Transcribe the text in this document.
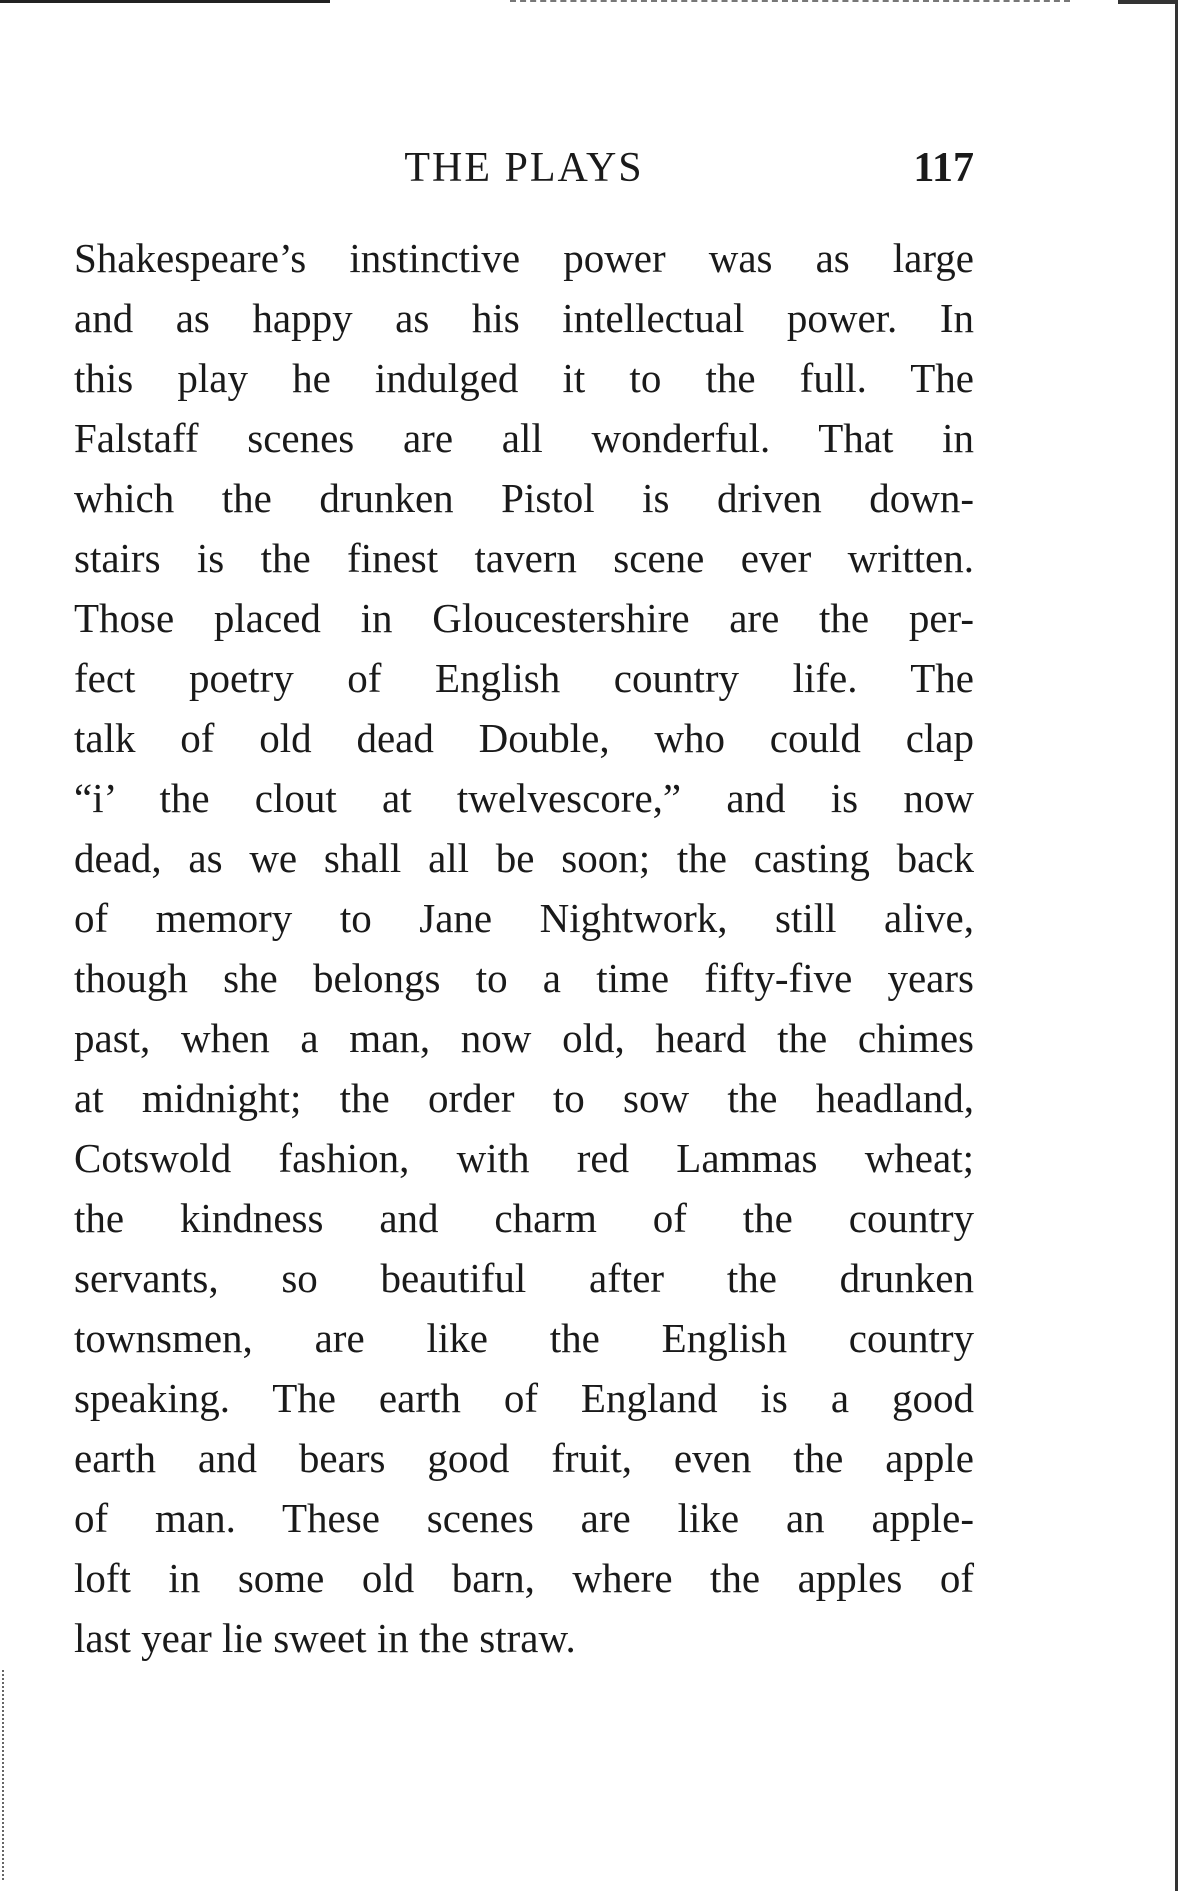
THE PLAYS	117
Shakespeare’s instinctive power was as large
and as happy as his intellectual power. In
this play he indulged it to the full. The
Falstaff scenes are all wonderful. That in
which the drunken Pistol is driven down-
stairs is the finest tavern scene ever written.
Those placed in Gloucestershire are the per-
fect poetry of English country life. The
talk of old dead Double, who could clap
“i’ the clout at twelvescore,” and is now
dead, as we shall all be soon; the casting back
of memory to Jane Nightwork, still alive,
though she belongs to a time fifty-five years
past, when a man, now old, heard the chimes
at midnight; the order to sow the headland,
Cotswold fashion, with red Lammas wheat;
the kindness and charm of the country
servants, so beautiful after the drunken
townsmen, are like the English country
speaking. The earth of England is a good
earth and bears good fruit, even the apple
of man. These scenes are like an apple-
loft in some old barn, where the apples of
last year lie sweet in the straw.
